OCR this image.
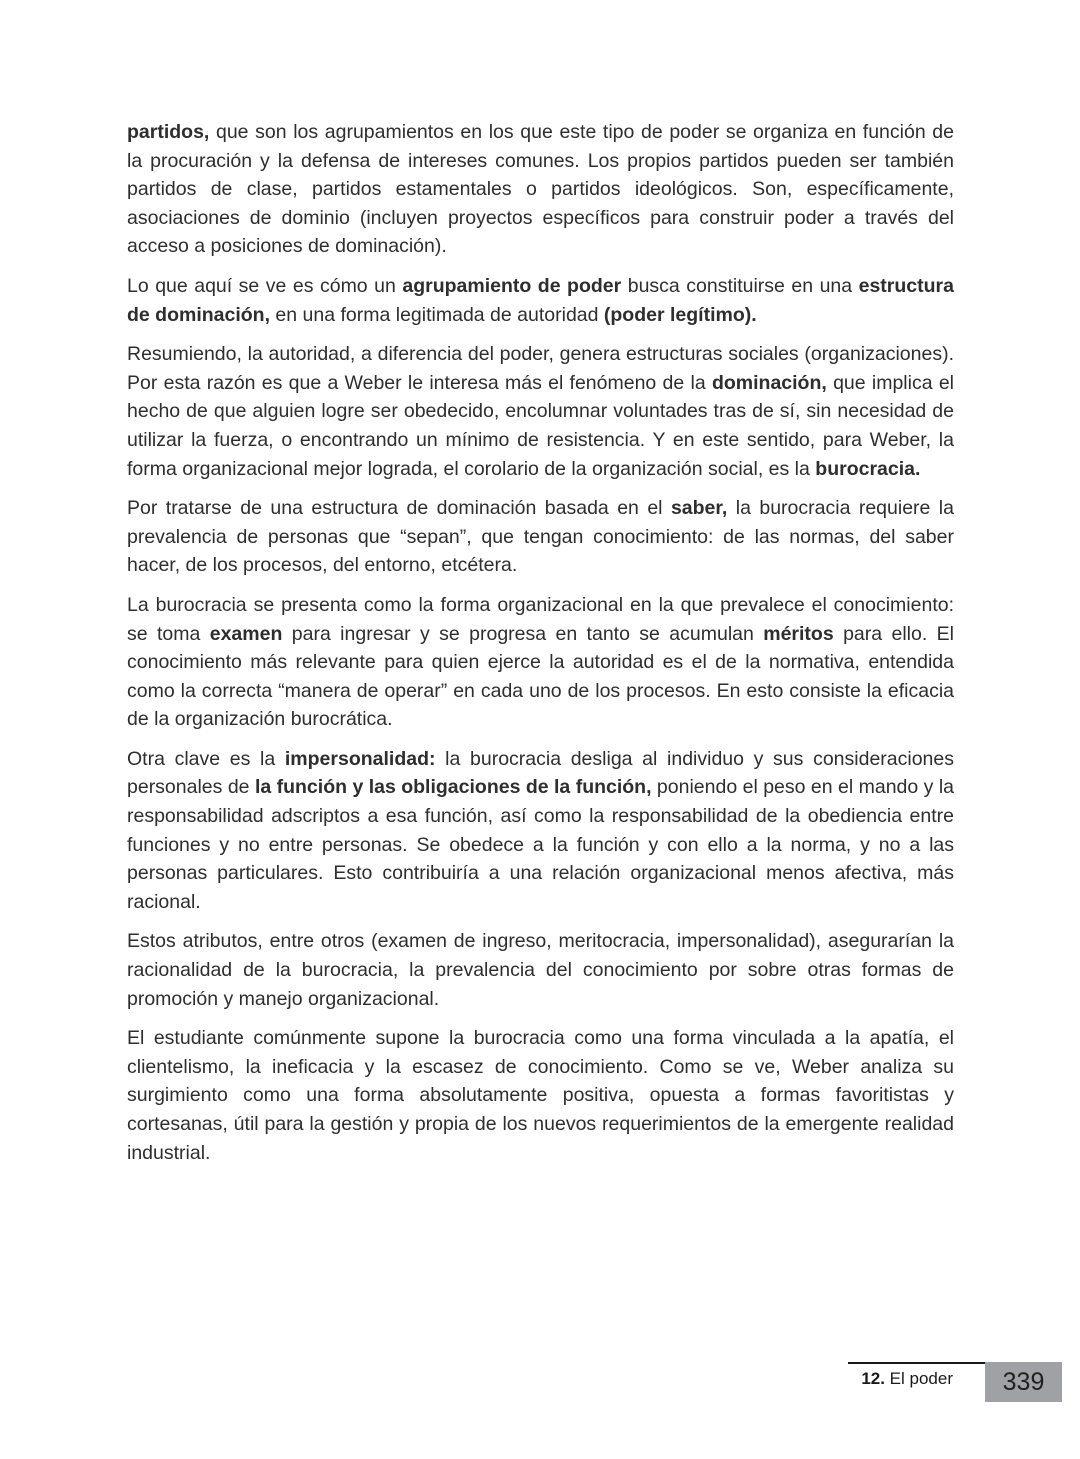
partidos, que son los agrupamientos en los que este tipo de poder se organiza en función de la procuración y la defensa de intereses comunes. Los propios partidos pueden ser también partidos de clase, partidos estamentales o partidos ideológicos. Son, específicamente, asociaciones de dominio (incluyen proyectos específicos para construir poder a través del acceso a posiciones de dominación).

Lo que aquí se ve es cómo un agrupamiento de poder busca constituirse en una estructura de dominación, en una forma legitimada de autoridad (poder legítimo).

Resumiendo, la autoridad, a diferencia del poder, genera estructuras sociales (organizaciones). Por esta razón es que a Weber le interesa más el fenómeno de la dominación, que implica el hecho de que alguien logre ser obedecido, encolumnar voluntades tras de sí, sin necesidad de utilizar la fuerza, o encontrando un mínimo de resistencia. Y en este sentido, para Weber, la forma organizacional mejor lograda, el corolario de la organización social, es la burocracia.

Por tratarse de una estructura de dominación basada en el saber, la burocracia requiere la prevalencia de personas que “sepan”, que tengan conocimiento: de las normas, del saber hacer, de los procesos, del entorno, etcétera.

La burocracia se presenta como la forma organizacional en la que prevalece el conocimiento: se toma examen para ingresar y se progresa en tanto se acumulan méritos para ello. El conocimiento más relevante para quien ejerce la autoridad es el de la normativa, entendida como la correcta “manera de operar” en cada uno de los procesos. En esto consiste la eficacia de la organización burocrática.

Otra clave es la impersonalidad: la burocracia desliga al individuo y sus consideraciones personales de la función y las obligaciones de la función, poniendo el peso en el mando y la responsabilidad adscriptos a esa función, así como la responsabilidad de la obediencia entre funciones y no entre personas. Se obedece a la función y con ello a la norma, y no a las personas particulares. Esto contribuiría a una relación organizacional menos afectiva, más racional.

Estos atributos, entre otros (examen de ingreso, meritocracia, impersonalidad), asegurarían la racionalidad de la burocracia, la prevalencia del conocimiento por sobre otras formas de promoción y manejo organizacional.

El estudiante comúnmente supone la burocracia como una forma vinculada a la apatía, el clientelismo, la ineficacia y la escasez de conocimiento. Como se ve, Weber analiza su surgimiento como una forma absolutamente positiva, opuesta a formas favoritistas y cortesanas, útil para la gestión y propia de los nuevos requerimientos de la emergente realidad industrial.

12. El poder	339
